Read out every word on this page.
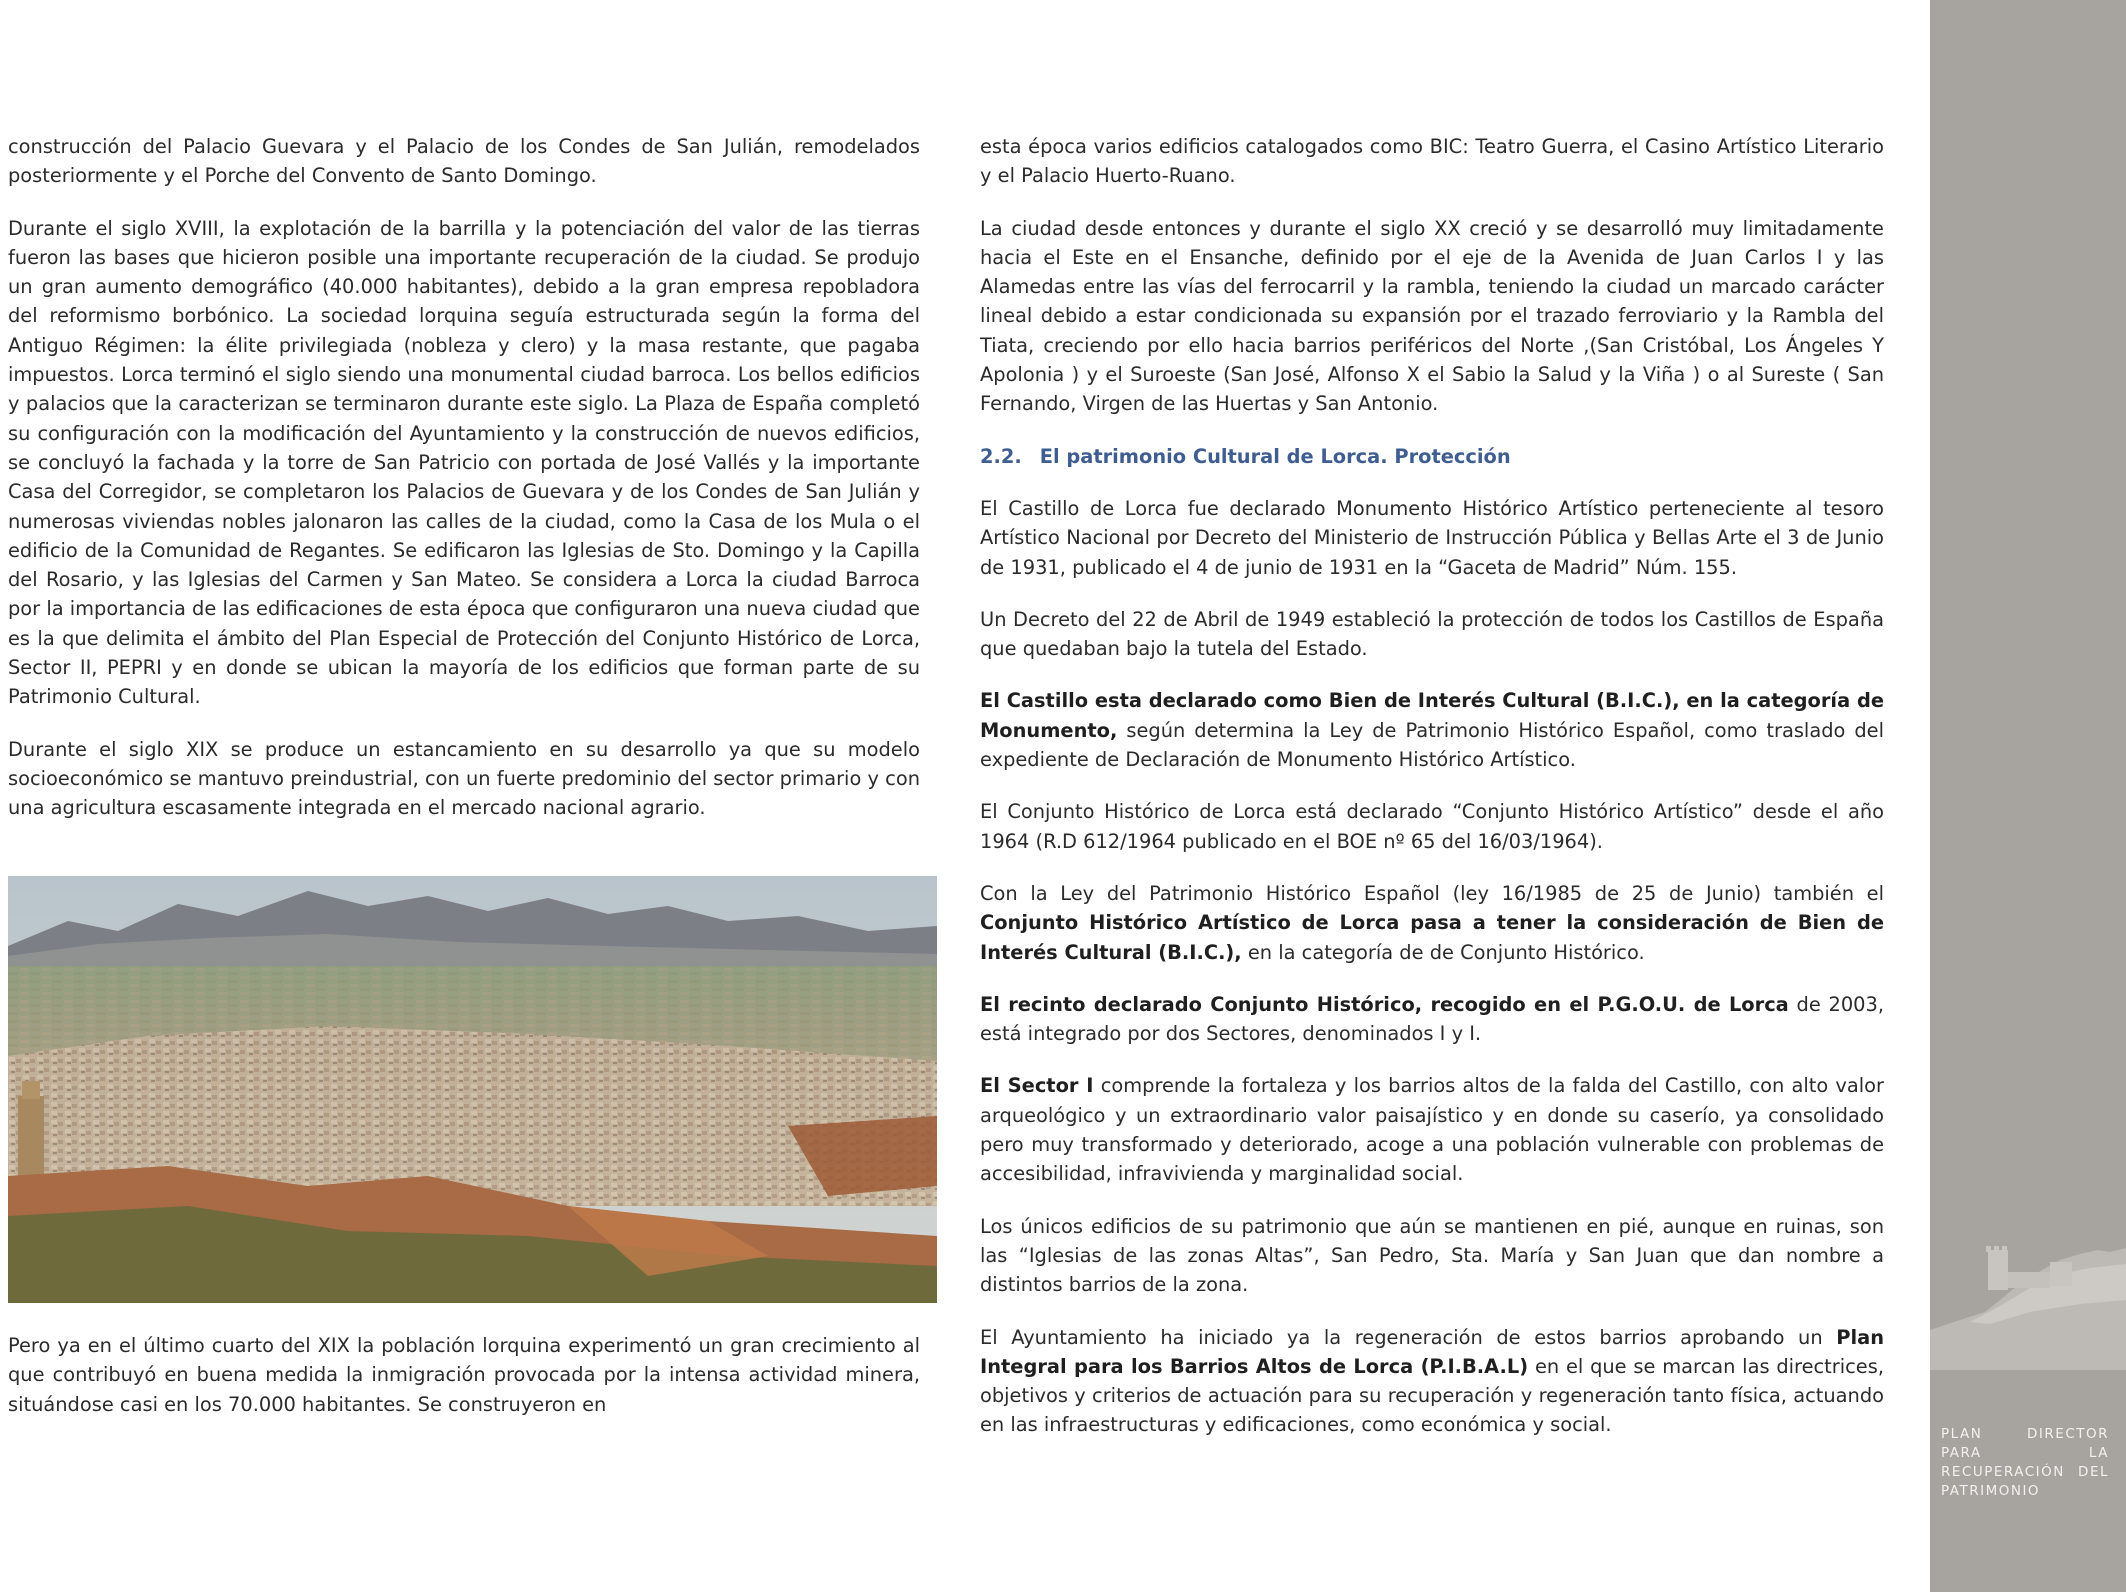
construcción del Palacio Guevara y el Palacio de los Condes de San Julián, remodelados posteriormente y el Porche del Convento de Santo Domingo.

Durante el siglo XVIII, la explotación de la barrilla y la potenciación del valor de las tierras fueron las bases que hicieron posible una importante recuperación de la ciudad. Se produjo un gran aumento demográfico (40.000 habitantes), debido a la gran empresa repobladora del reformismo borbónico. La sociedad lorquina seguía estructurada según la forma del Antiguo Régimen: la élite privilegiada (nobleza y clero) y la masa restante, que pagaba impuestos. Lorca terminó el siglo siendo una monumental ciudad barroca. Los bellos edificios y palacios que la caracterizan se terminaron durante este siglo. La Plaza de España completó su configuración con la modificación del Ayuntamiento y la construcción de nuevos edificios, se concluyó la fachada y la torre de San Patricio con portada de José Vallés y la importante Casa del Corregidor, se completaron los Palacios de Guevara y de los Condes de San Julián y numerosas viviendas nobles jalonaron las calles de la ciudad, como la Casa de los Mula o el edificio de la Comunidad de Regantes. Se edificaron las Iglesias de Sto. Domingo y la Capilla del Rosario, y las Iglesias del Carmen y San Mateo. Se considera a Lorca la ciudad Barroca por la importancia de las edificaciones de esta época que configuraron una nueva ciudad que es la que delimita el ámbito del Plan Especial de Protección del Conjunto Histórico de Lorca, Sector II, PEPRI y en donde se ubican la mayoría de los edificios que forman parte de su Patrimonio Cultural.

Durante el siglo XIX se produce un estancamiento en su desarrollo ya que su modelo socioeconómico se mantuvo preindustrial, con un fuerte predominio del sector primario y con una agricultura escasamente integrada en el mercado nacional agrario.

Pero ya en el último cuarto del XIX la población lorquina experimentó un gran crecimiento al que contribuyó en buena medida la inmigración provocada por la intensa actividad minera, situándose casi en los 70.000 habitantes. Se construyeron en

esta época varios edificios catalogados como BIC: Teatro Guerra, el Casino Artístico Literario y el Palacio Huerto-Ruano.

La ciudad desde entonces y durante el siglo XX creció y se desarrolló muy limitadamente hacia el Este en el Ensanche, definido por el eje de la Avenida de Juan Carlos I y las Alamedas entre las vías del ferrocarril y la rambla, teniendo la ciudad un marcado carácter lineal debido a estar condicionada su expansión por el trazado ferroviario y la Rambla del Tiata, creciendo por ello hacia barrios periféricos del Norte ,(San Cristóbal, Los Ángeles Y Apolonia ) y el Suroeste (San José, Alfonso X el Sabio la Salud y la Viña ) o al Sureste ( San Fernando, Virgen de las Huertas y San Antonio.

2.2. El patrimonio Cultural de Lorca. Protección

El Castillo de Lorca fue declarado Monumento Histórico Artístico perteneciente al tesoro Artístico Nacional por Decreto del Ministerio de Instrucción Pública y Bellas Arte el 3 de Junio de 1931, publicado el 4 de junio de 1931 en la “Gaceta de Madrid” Núm. 155.

Un Decreto del 22 de Abril de 1949 estableció la protección de todos los Castillos de España que quedaban bajo la tutela del Estado.

El Castillo esta declarado como Bien de Interés Cultural (B.I.C.), en la categoría de Monumento, según determina la Ley de Patrimonio Histórico Español, como traslado del expediente de Declaración de Monumento Histórico Artístico.

El Conjunto Histórico de Lorca está declarado “Conjunto Histórico Artístico” desde el año 1964 (R.D 612/1964 publicado en el BOE nº 65 del 16/03/1964).

Con la Ley del Patrimonio Histórico Español (ley 16/1985 de 25 de Junio) también el Conjunto Histórico Artístico de Lorca pasa a tener la consideración de Bien de Interés Cultural (B.I.C.), en la categoría de de Conjunto Histórico.

El recinto declarado Conjunto Histórico, recogido en el P.G.O.U. de Lorca de 2003, está integrado por dos Sectores, denominados I y I.

El Sector I comprende la fortaleza y los barrios altos de la falda del Castillo, con alto valor arqueológico y un extraordinario valor paisajístico y en donde su caserío, ya consolidado pero muy transformado y deteriorado, acoge a una población vulnerable con problemas de accesibilidad, infravivienda y marginalidad social.

Los únicos edificios de su patrimonio que aún se mantienen en pié, aunque en ruinas, son las “Iglesias de las zonas Altas”, San Pedro, Sta. María y San Juan que dan nombre a distintos barrios de la zona.

El Ayuntamiento ha iniciado ya la regeneración de estos barrios aprobando un Plan Integral para los Barrios Altos de Lorca (P.I.B.A.L) en el que se marcan las directrices, objetivos y criterios de actuación para su recuperación y regeneración tanto física, actuando en las infraestructuras y edificaciones, como económica y social.	PLAN DIRECTOR PARA LA RECUPERACIÓN DEL PATRIMONIO
